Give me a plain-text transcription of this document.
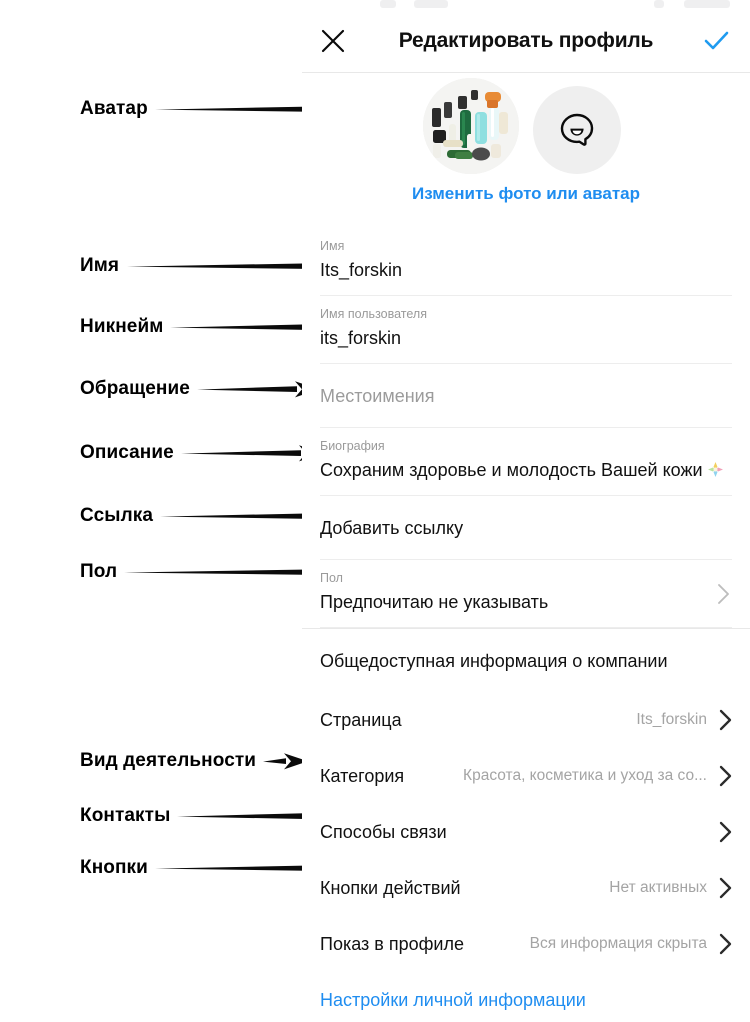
Аватар
Имя
Никнейм
Обращение
Описание
Ссылка
Пол
Вид деятельности
Контакты
Кнопки
Редактировать профиль
Изменить фото или аватар
Имя
Its_forskin
Имя пользователя
its_forskin
Местоимения
Биография
Сохраним здоровье и молодость Вашей кожи
Добавить ссылку
Пол
Предпочитаю не указывать
Общедоступная информация о компании
Страница	Its_forskin
Категория	Красота, косметика и уход за со...
Способы связи
Кнопки действий	Нет активных
Показ в профиле	Вся информация скрыта
Настройки личной информации
